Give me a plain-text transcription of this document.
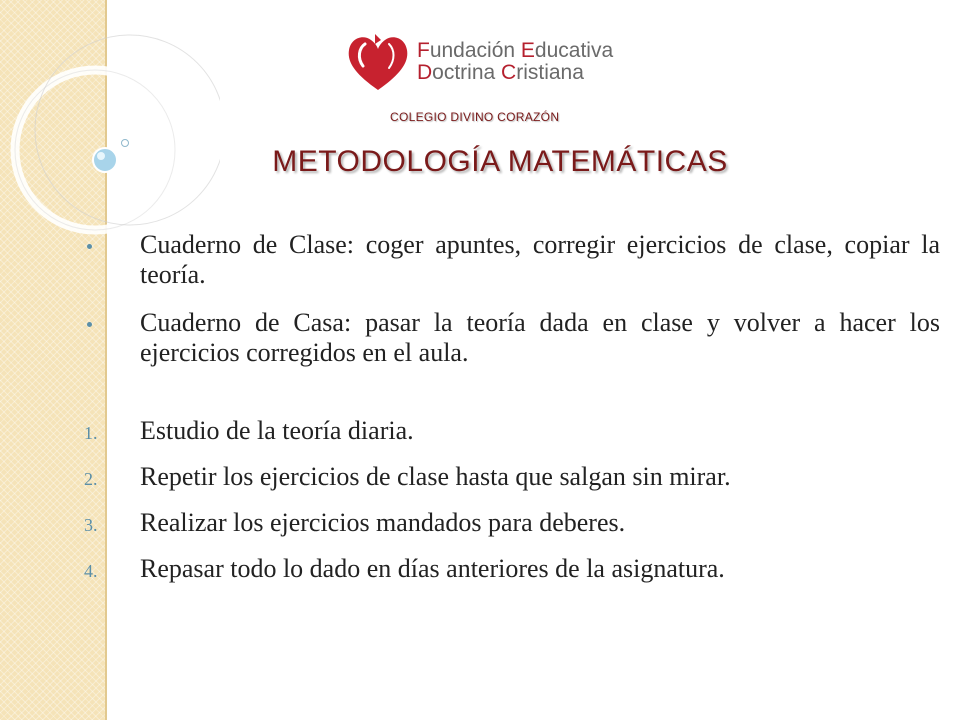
Fundación Educativa
Doctrina Cristiana
COLEGIO DIVINO CORAZÓN
METODOLOGÍA MATEMÁTICAS
Cuaderno de Clase: coger apuntes, corregir ejercicios de clase, copiar la teoría.
Cuaderno de Casa: pasar la teoría dada en clase y volver a hacer los ejercicios corregidos en el aula.
1. Estudio de la teoría diaria.
2. Repetir los ejercicios de clase hasta que salgan sin mirar.
3. Realizar los ejercicios mandados para deberes.
4. Repasar todo lo dado en días anteriores de la asignatura.
